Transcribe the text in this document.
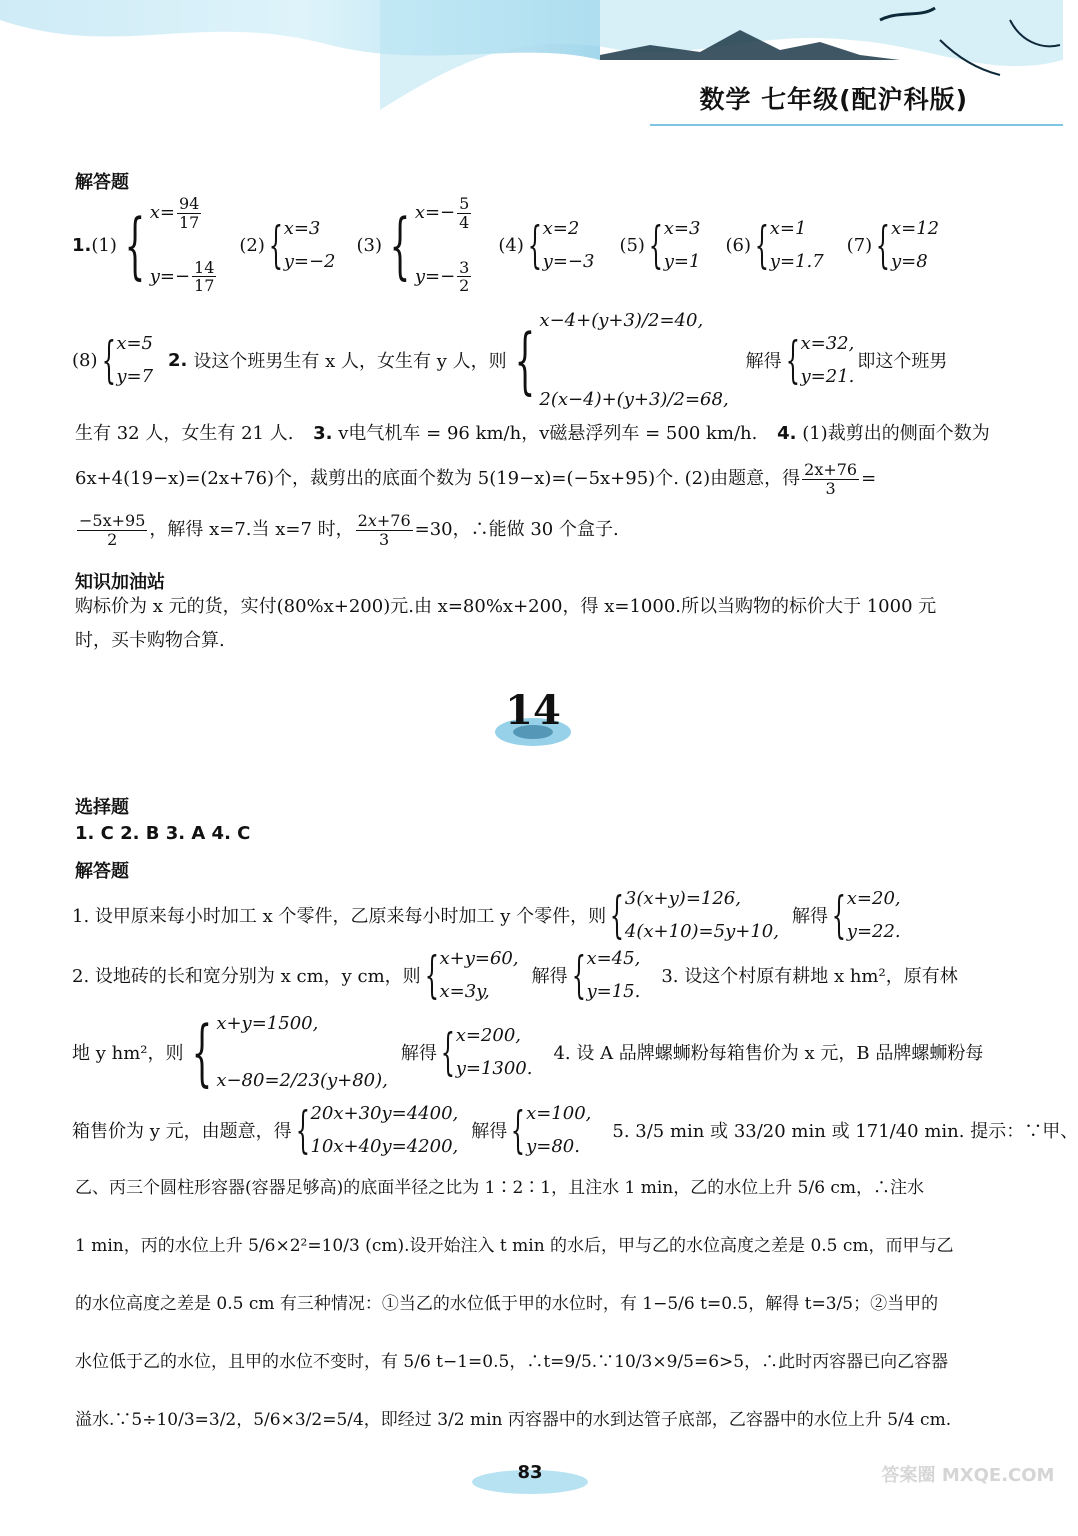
数学 七年级(配沪科版)
解答题
1. (1) { $x= \frac{94}{17}$
$y=- \frac{14}{17}$
(2) { x=3
y=−2
(3) { $x=- \frac{5}{4}$
$y=- \frac{3}{2}$
(4) { x=2
y=−3
(5) { x=3
y=1
(6) { x=1
y=1.7
(7) { x=12
y=8
(8) { x=5
y=7
2. 设这个班男生有 x 人，女生有 y 人，则 { x−4+(y+3)/2=40,
2(x−4)+(y+3)/2=68,
解得 { x=32,
y=21.
即这个班男
生有 32 人，女生有 21 人. 3. v电气机车 = 96 km/h，v磁悬浮列车 = 500 km/h. 4. (1)裁剪出的侧面个数为
6x+4(19−x)=(2x+76)个，裁剪出的底面个数为 5(19−x)=(−5x+95)个. (2)由题意，得 $\frac{2x+76}{3}$ =
$\frac{-5x+95}{2}$ ，解得 x=7.当 x=7 时， $\frac{2x+76}{3} =30$，∴能做 30 个盒子.
知识加油站
购标价为 x 元的货，实付(80%x+200)元.由 x=80%x+200，得 x=1000.所以当购物的标价大于 1000 元
时，买卡购物合算.
14
选择题
1. C 2. B 3. A 4. C
解答题
1. 设甲原来每小时加工 x 个零件，乙原来每小时加工 y 个零件，则 { 3(x+y)=126,
4(x+10)=5y+10,
解得 { x=20,
y=22.
2. 设地砖的长和宽分别为 x cm，y cm，则 { x+y=60,
x=3y,
解得 { x=45,
y=15.
3. 设这个村原有耕地 x hm²，原有林
地 y hm²，则 { x+y=1500,
x−80=2/23(y+80),
解得 { x=200,
y=1300.
4. 设 A 品牌螺蛳粉每箱售价为 x 元，B 品牌螺蛳粉每
箱售价为 y 元，由题意，得 { 20x+30y=4400,
10x+40y=4200,
解得 { x=100,
y=80.
5. 3/5 min 或 33/20 min 或 171/40 min. 提示：∵甲、
乙、丙三个圆柱形容器(容器足够高)的底面半径之比为 1∶2∶1，且注水 1 min，乙的水位上升 5/6 cm，∴注水
1 min，丙的水位上升 5/6×2²=10/3 (cm).设开始注入 t min 的水后，甲与乙的水位高度之差是 0.5 cm，而甲与乙
的水位高度之差是 0.5 cm 有三种情况：①当乙的水位低于甲的水位时，有 1−5/6 t=0.5，解得 t=3/5；②当甲的
水位低于乙的水位，且甲的水位不变时，有 5/6 t−1=0.5，∴t=9/5.∵10/3×9/5=6>5，∴此时丙容器已向乙容器
溢水.∵5÷10/3=3/2，5/6×3/2=5/4，即经过 3/2 min 丙容器中的水到达管子底部，乙容器中的水位上升 5/4 cm.
83	答案圈 MXQE.COM
